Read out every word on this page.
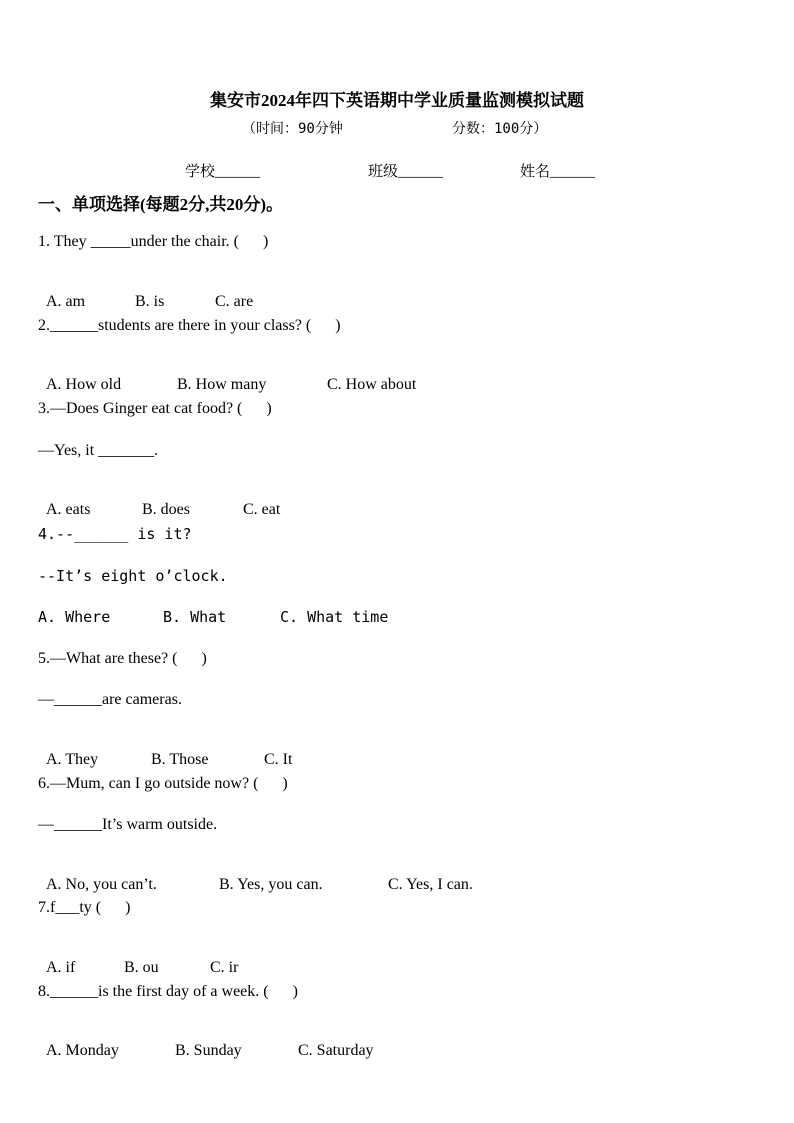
集安市2024年四下英语期中学业质量监测模拟试题
（时间：90分钟	分数：100分）
学校______	班级______	姓名______
一、单项选择(每题2分,共20分)。
1. They _____under the chair. (      )

A. am	B. is	C. are

2.______students are there in your class? (      )

A. How old	B. How many	C. How about

3.—Does Ginger eat cat food? (      )
—Yes, it _______.

A. eats	B. does	C. eat

4.--______ is it?
--It’s eight o’clock.
A. Where	B. What	C. What time
5.—What are these? (      )
—______are cameras.

A. They	B. Those	C. It

6.—Mum, can I go outside now? (      )
—______It’s warm outside.

A. No, you can’t.	B. Yes, you can.	C. Yes, I can.

7.f___ty (      )

A. if	B. ou	C. ir

8.______is the first day of a week. (      )

A. Monday	B. Sunday	C. Saturday
